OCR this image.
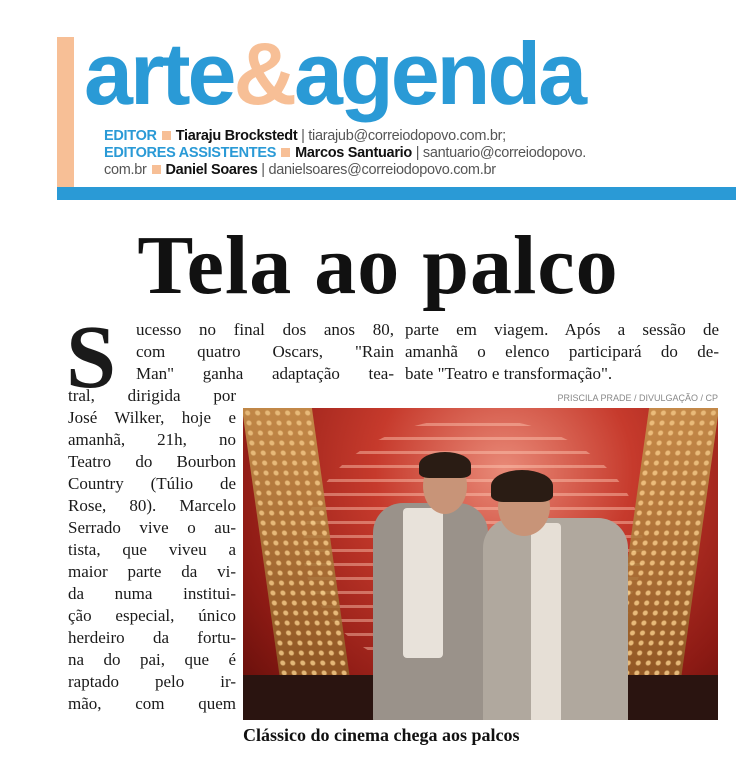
arte&agenda
EDITOR Tiaraju Brockstedt | tiarajub@correiodopovo.com.br;
EDITORES ASSISTENTES Marcos Santuario | santuario@correiodopovo.
com.br Daniel Soares | danielsoares@correiodopovo.com.br
Tela ao palco
S ucesso no final dos anos 80,
com quatro Oscars, "Rain
Man" ganha adaptação tea-
tral, dirigida por
José Wilker, hoje e
amanhã, 21h, no
Teatro do Bourbon
Country (Túlio de
Rose, 80). Marcelo
Serrado vive o au-
tista, que viveu a
maior parte da vi-
da numa institui-
ção especial, único
herdeiro da fortu-
na do pai, que é
raptado pelo ir-
mão, com quem
parte em viagem. Após a sessão de
amanhã o elenco participará do de-
bate "Teatro e transformação".
PRISCILA PRADE / DIVULGAÇÃO / CP
Clássico do cinema chega aos palcos
